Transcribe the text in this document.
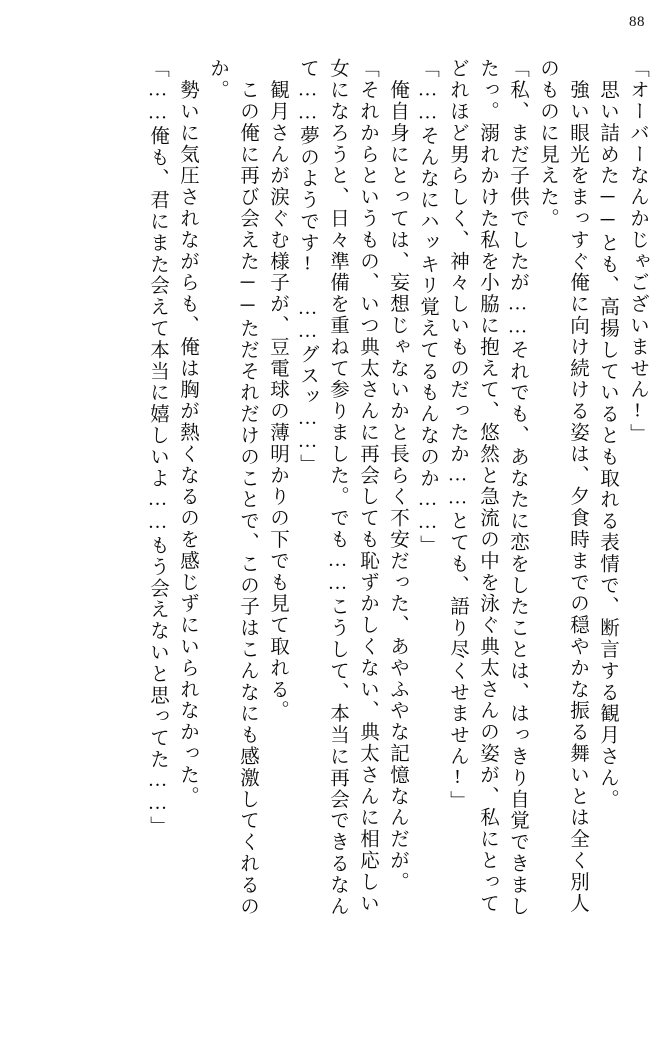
88
「オーバーなんかじゃございません!」
　思い詰めた──とも、高揚しているとも取れる表情で、断言する観月さん。
　強い眼光をまっすぐ俺に向け続ける姿は、夕食時までの穏やかな振る舞いとは全く別人
のものに見えた。
「私、まだ子供でしたが……それでも、あなたに恋をしたことは、はっきり自覚できまし
たっ。溺れかけた私を小脇に抱えて、悠然と急流の中を泳ぐ典太さんの姿が、私にとって
どれほど男らしく、神々しいものだったか……とても、語り尽くせません!」
「……そんなにハッキリ覚えてるもんなのか……」
　俺自身にとっては、妄想じゃないかと長らく不安だった、あやふやな記憶なんだが。
「それからというもの、いつ典太さんに再会しても恥ずかしくない、典太さんに相応しい
女になろうと、日々準備を重ねて参りました。でも……こうして、本当に再会できるなん
て……夢のようです!　……グスッ……」
　観月さんが涙ぐむ様子が、豆電球の薄明かりの下でも見て取れる。
　この俺に再び会えた──ただそれだけのことで、この子はこんなにも感激してくれるの
か。
　勢いに気圧されながらも、俺は胸が熱くなるのを感じずにいられなかった。
「……俺も、君にまた会えて本当に嬉しいよ……もう会えないと思ってた……」
